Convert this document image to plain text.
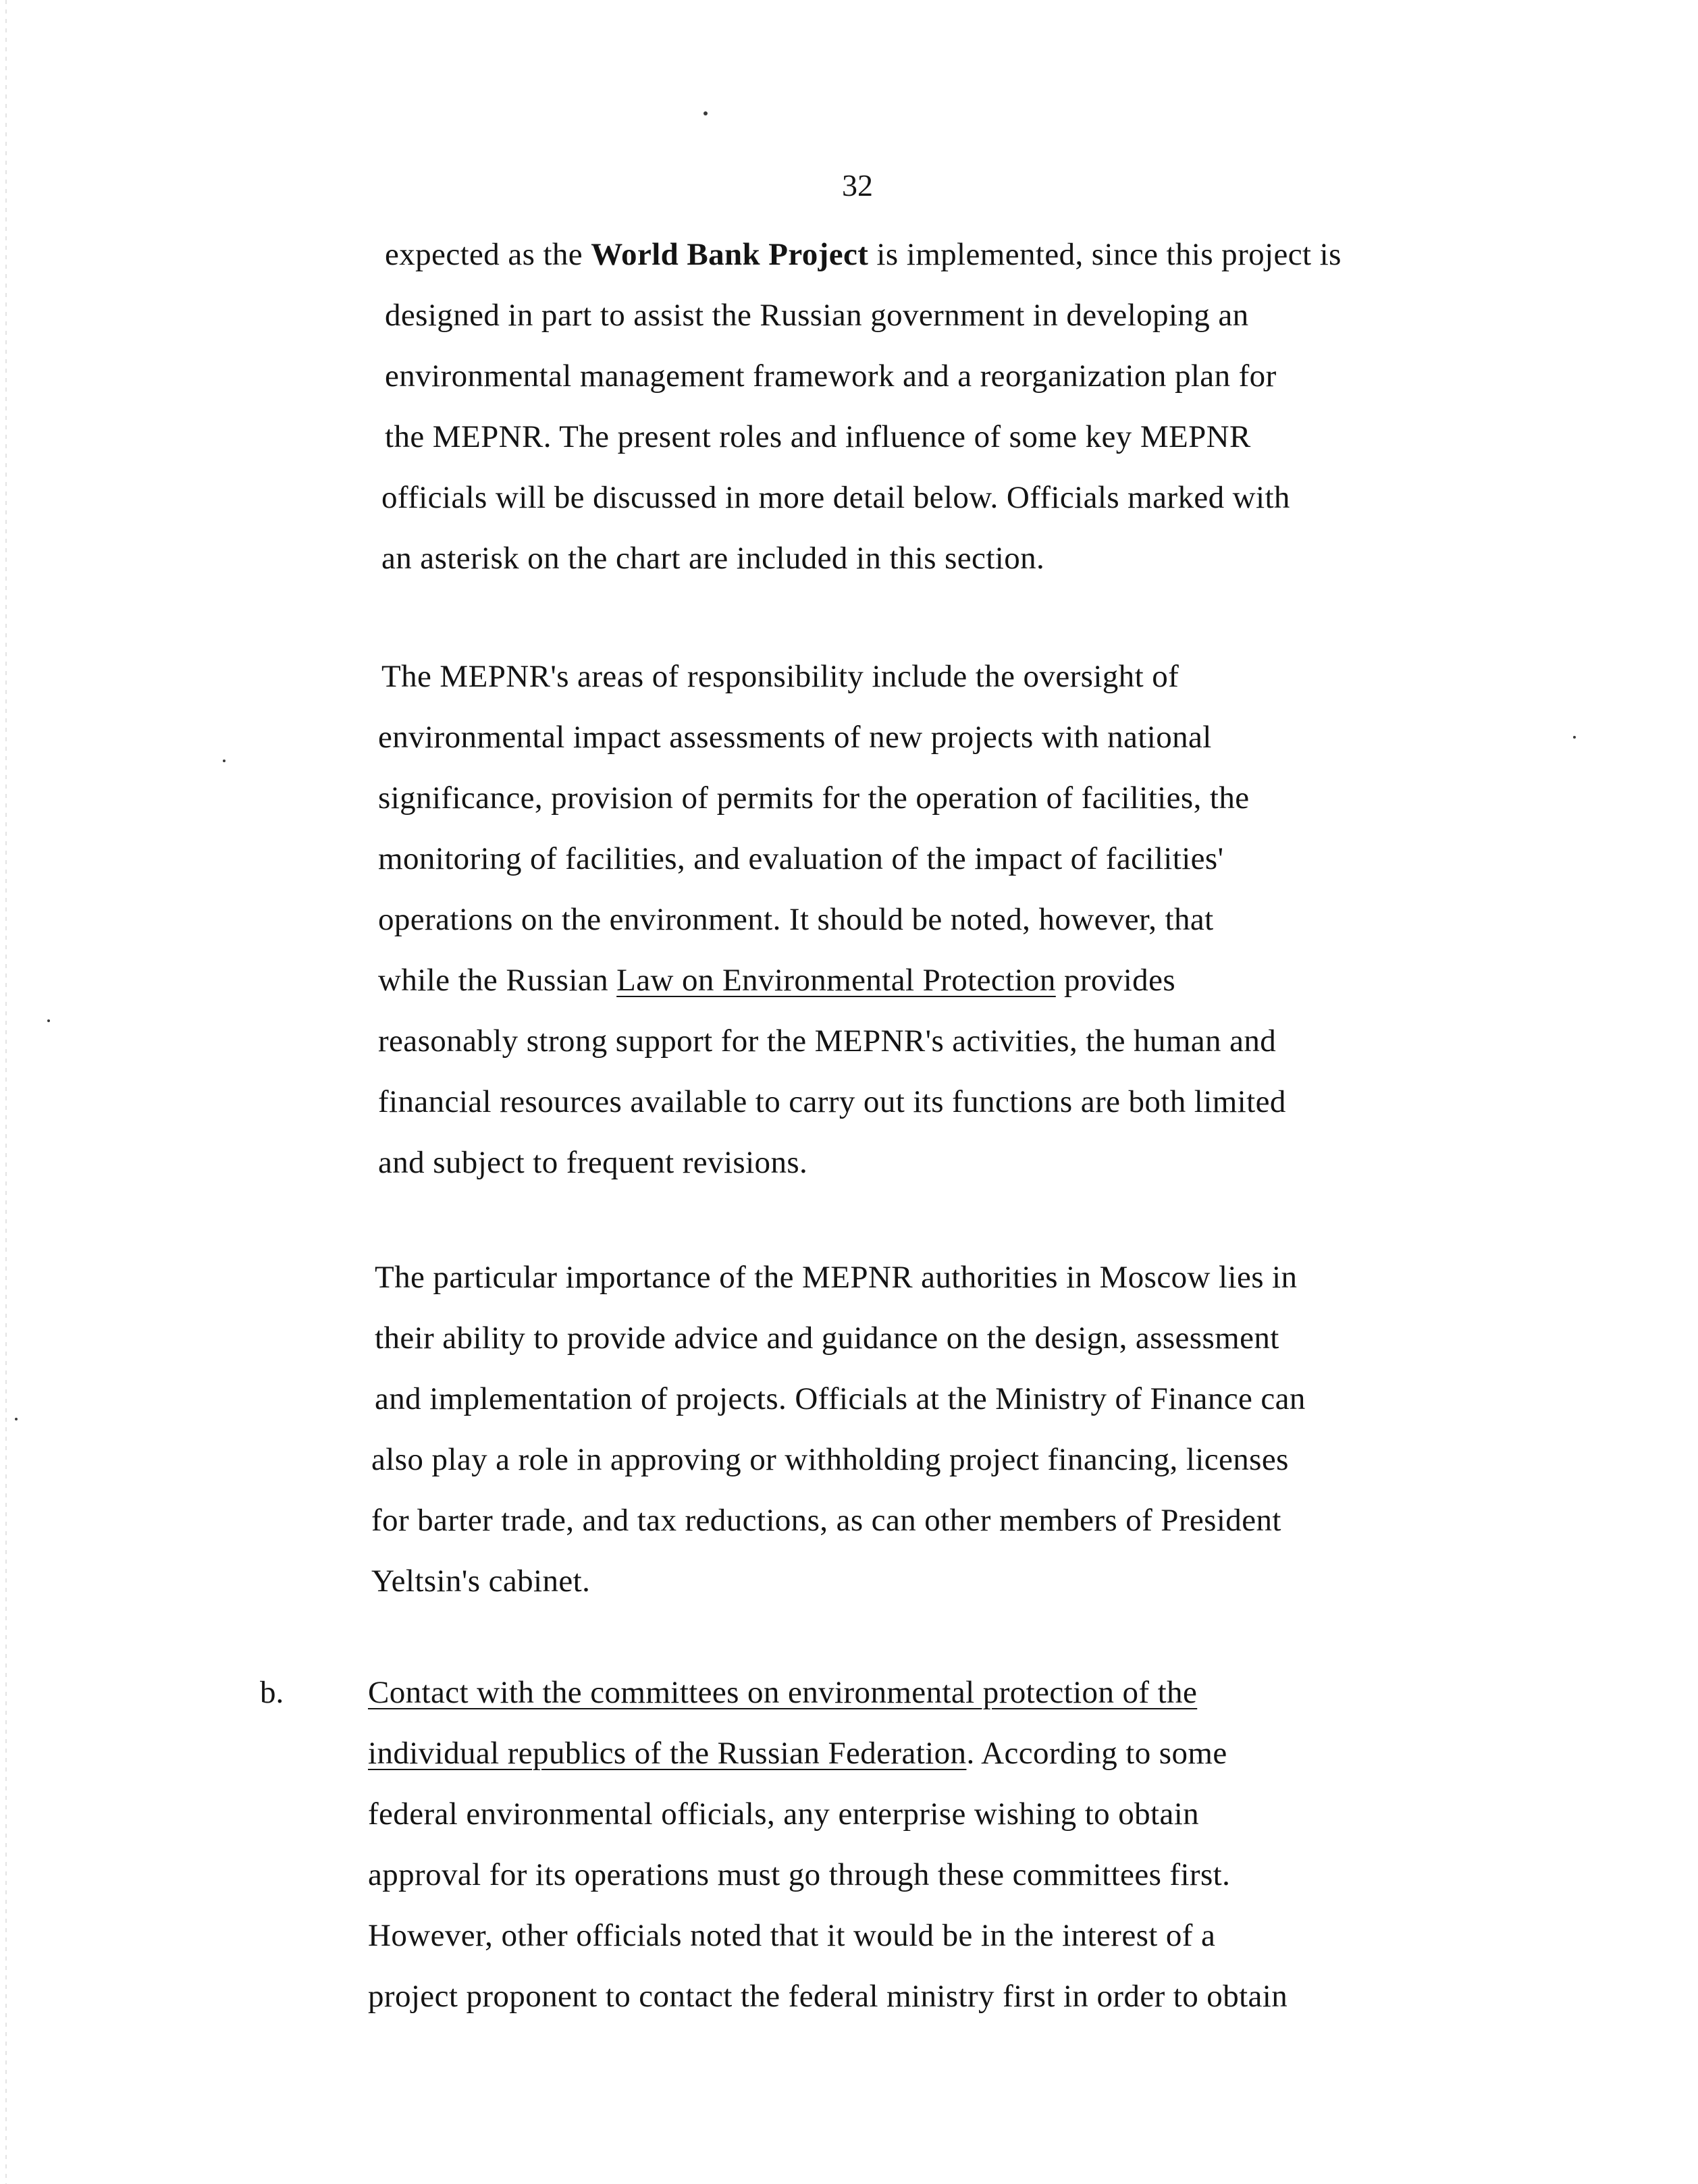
32
expected as the World Bank Project is implemented, since this project is
designed in part to assist the Russian government in developing an
environmental management framework and a reorganization plan for
the MEPNR. The present roles and influence of some key MEPNR
officials will be discussed in more detail below. Officials marked with
an asterisk on the chart are included in this section.
The MEPNR's areas of responsibility include the oversight of
environmental impact assessments of new projects with national
significance, provision of permits for the operation of facilities, the
monitoring of facilities, and evaluation of the impact of facilities'
operations on the environment. It should be noted, however, that
while the Russian Law on Environmental Protection provides
reasonably strong support for the MEPNR's activities, the human and
financial resources available to carry out its functions are both limited
and subject to frequent revisions.
The particular importance of the MEPNR authorities in Moscow lies in
their ability to provide advice and guidance on the design, assessment
and implementation of projects. Officials at the Ministry of Finance can
also play a role in approving or withholding project financing, licenses
for barter trade, and tax reductions, as can other members of President
Yeltsin's cabinet.
b.	Contact with the committees on environmental protection of the
individual republics of the Russian Federation. According to some
federal environmental officials, any enterprise wishing to obtain
approval for its operations must go through these committees first.
However, other officials noted that it would be in the interest of a
project proponent to contact the federal ministry first in order to obtain
